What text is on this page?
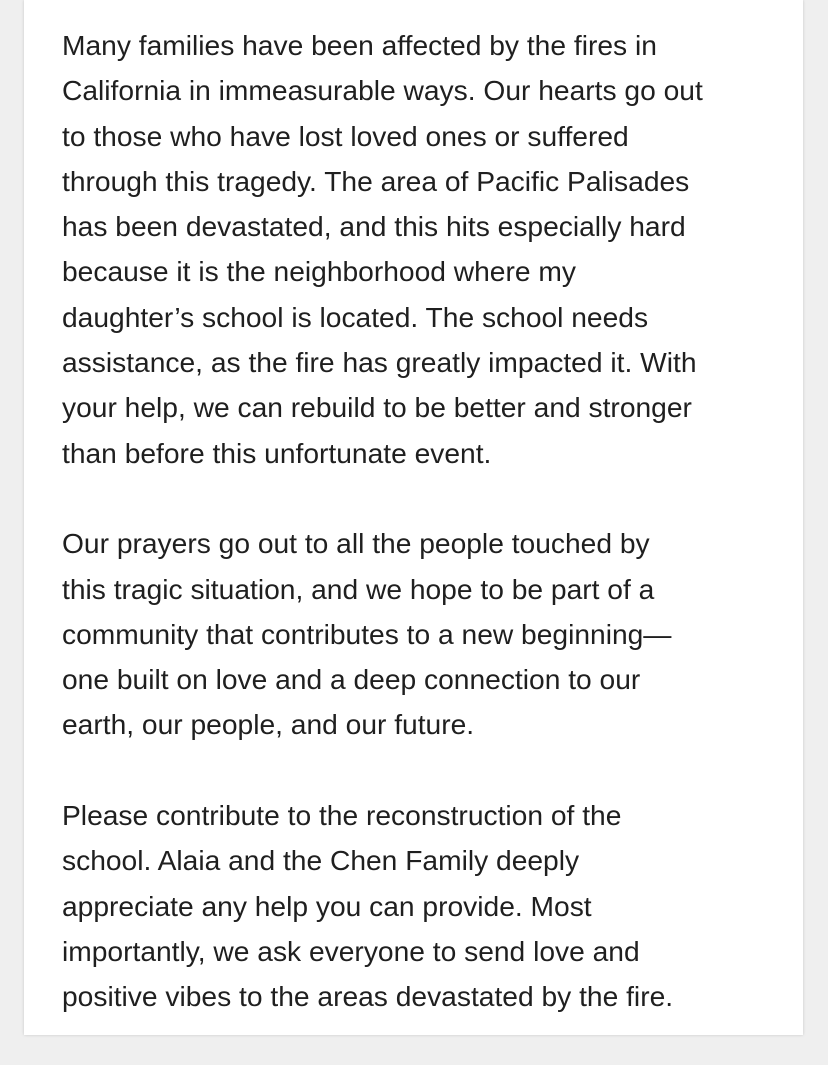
Many families have been affected by the fires in
California in immeasurable ways. Our hearts go out
to those who have lost loved ones or suffered
through this tragedy. The area of Pacific Palisades
has been devastated, and this hits especially hard
because it is the neighborhood where my
daughter’s school is located. The school needs
assistance, as the fire has greatly impacted it. With
your help, we can rebuild to be better and stronger
than before this unfortunate event.

Our prayers go out to all the people touched by
this tragic situation, and we hope to be part of a
community that contributes to a new beginning—
one built on love and a deep connection to our
earth, our people, and our future.

Please contribute to the reconstruction of the
school. Alaia and the Chen Family deeply
appreciate any help you can provide. Most
importantly, we ask everyone to send love and
positive vibes to the areas devastated by the fire.
